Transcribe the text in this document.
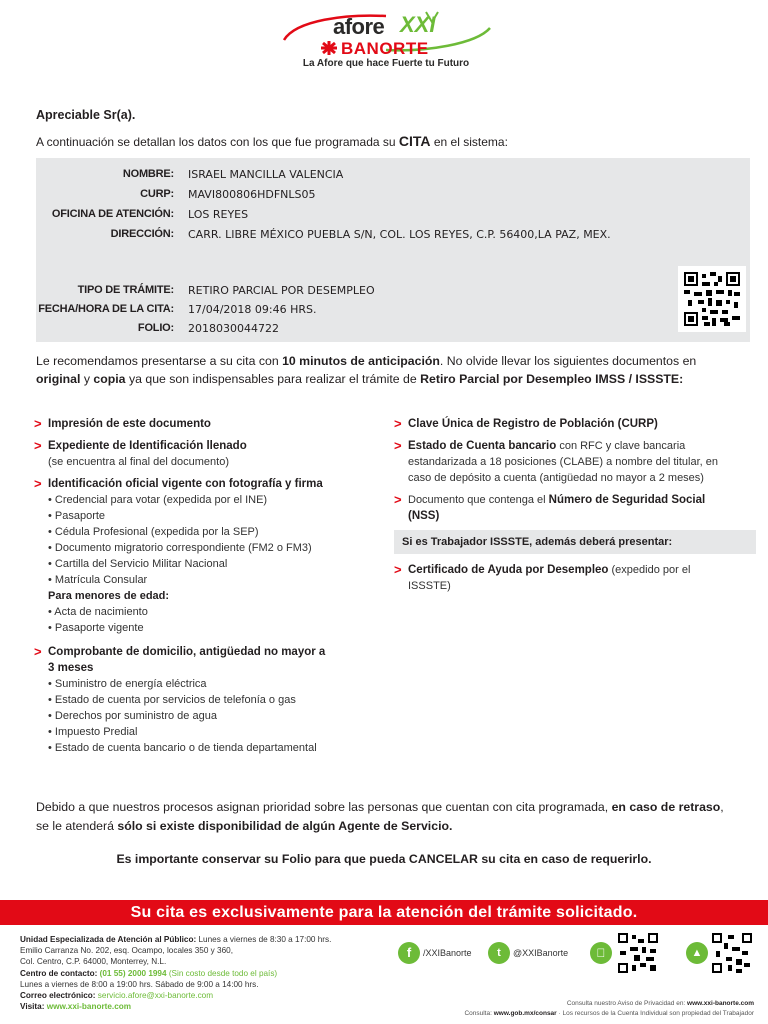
afore XXI
BANORTE
La Afore que hace Fuerte tu Futuro
Apreciable Sr(a).
A continuación se detallan los datos con los que fue programada su CITA en el sistema:
NOMBRE:	ISRAEL MANCILLA VALENCIA
CURP:	MAVI800806HDFNLS05
OFICINA DE ATENCIÓN:	LOS REYES
DIRECCIÓN:	CARR. LIBRE MÉXICO PUEBLA S/N, COL. LOS REYES, C.P. 56400,LA PAZ, MEX.
TIPO DE TRÁMITE:	RETIRO PARCIAL POR DESEMPLEO
FECHA/HORA DE LA CITA:	17/04/2018 09:46 HRS.
FOLIO:	2018030044722
Le recomendamos presentarse a su cita con 10 minutos de anticipación. No olvide llevar los siguientes documentos en original y copia ya que son indispensables para realizar el trámite de Retiro Parcial por Desempleo IMSS / ISSSTE:
> Impresión de este documento
> Expediente de Identificación llenado
(se encuentra al final del documento)
> Identificación oficial vigente con fotografía y firma
• Credencial para votar (expedida por el INE)
• Pasaporte
• Cédula Profesional (expedida por la SEP)
• Documento migratorio correspondiente (FM2 o FM3)
• Cartilla del Servicio Militar Nacional
• Matrícula Consular
Para menores de edad:
• Acta de nacimiento
• Pasaporte vigente
> Comprobante de domicilio, antigüedad no mayor a 3 meses
• Suministro de energía eléctrica
• Estado de cuenta por servicios de telefonía o gas
• Derechos por suministro de agua
• Impuesto Predial
• Estado de cuenta bancario o de tienda departamental
> Clave Única de Registro de Población (CURP)
> Estado de Cuenta bancario con RFC y clave bancaria estandarizada a 18 posiciones (CLABE) a nombre del titular, en caso de depósito a cuenta (antigüedad no mayor a 2 meses)
> Documento que contenga el Número de Seguridad Social (NSS)
Si es Trabajador ISSSTE, además deberá presentar:
> Certificado de Ayuda por Desempleo (expedido por el ISSSTE)
Debido a que nuestros procesos asignan prioridad sobre las personas que cuentan con cita programada, en caso de retraso, se le atenderá sólo si existe disponibilidad de algún Agente de Servicio.
Es importante conservar su Folio para que pueda CANCELAR su cita en caso de requerirlo.
Su cita es exclusivamente para la atención del trámite solicitado.
Unidad Especializada de Atención al Público: Lunes a viernes de 8:30 a 17:00 hrs.
Emilio Carranza No. 202, esq. Ocampo, locales 350 y 360,
Col. Centro, C.P. 64000, Monterrey, N.L.
Centro de contacto: (01 55) 2000 1994 (Sin costo desde todo el país)
Lunes a viernes de 8:00 a 19:00 hrs. Sábado de 9:00 a 14:00 hrs.
Correo electrónico: servicio.afore@xxi-banorte.com
Visita: www.xxi-banorte.com
f	/XXIBanorte	t	@XXIBanorte	▲
Consulta nuestro Aviso de Privacidad en: www.xxi-banorte.com
Consulta: www.gob.mx/consar · Los recursos de la Cuenta Individual son propiedad del Trabajador
